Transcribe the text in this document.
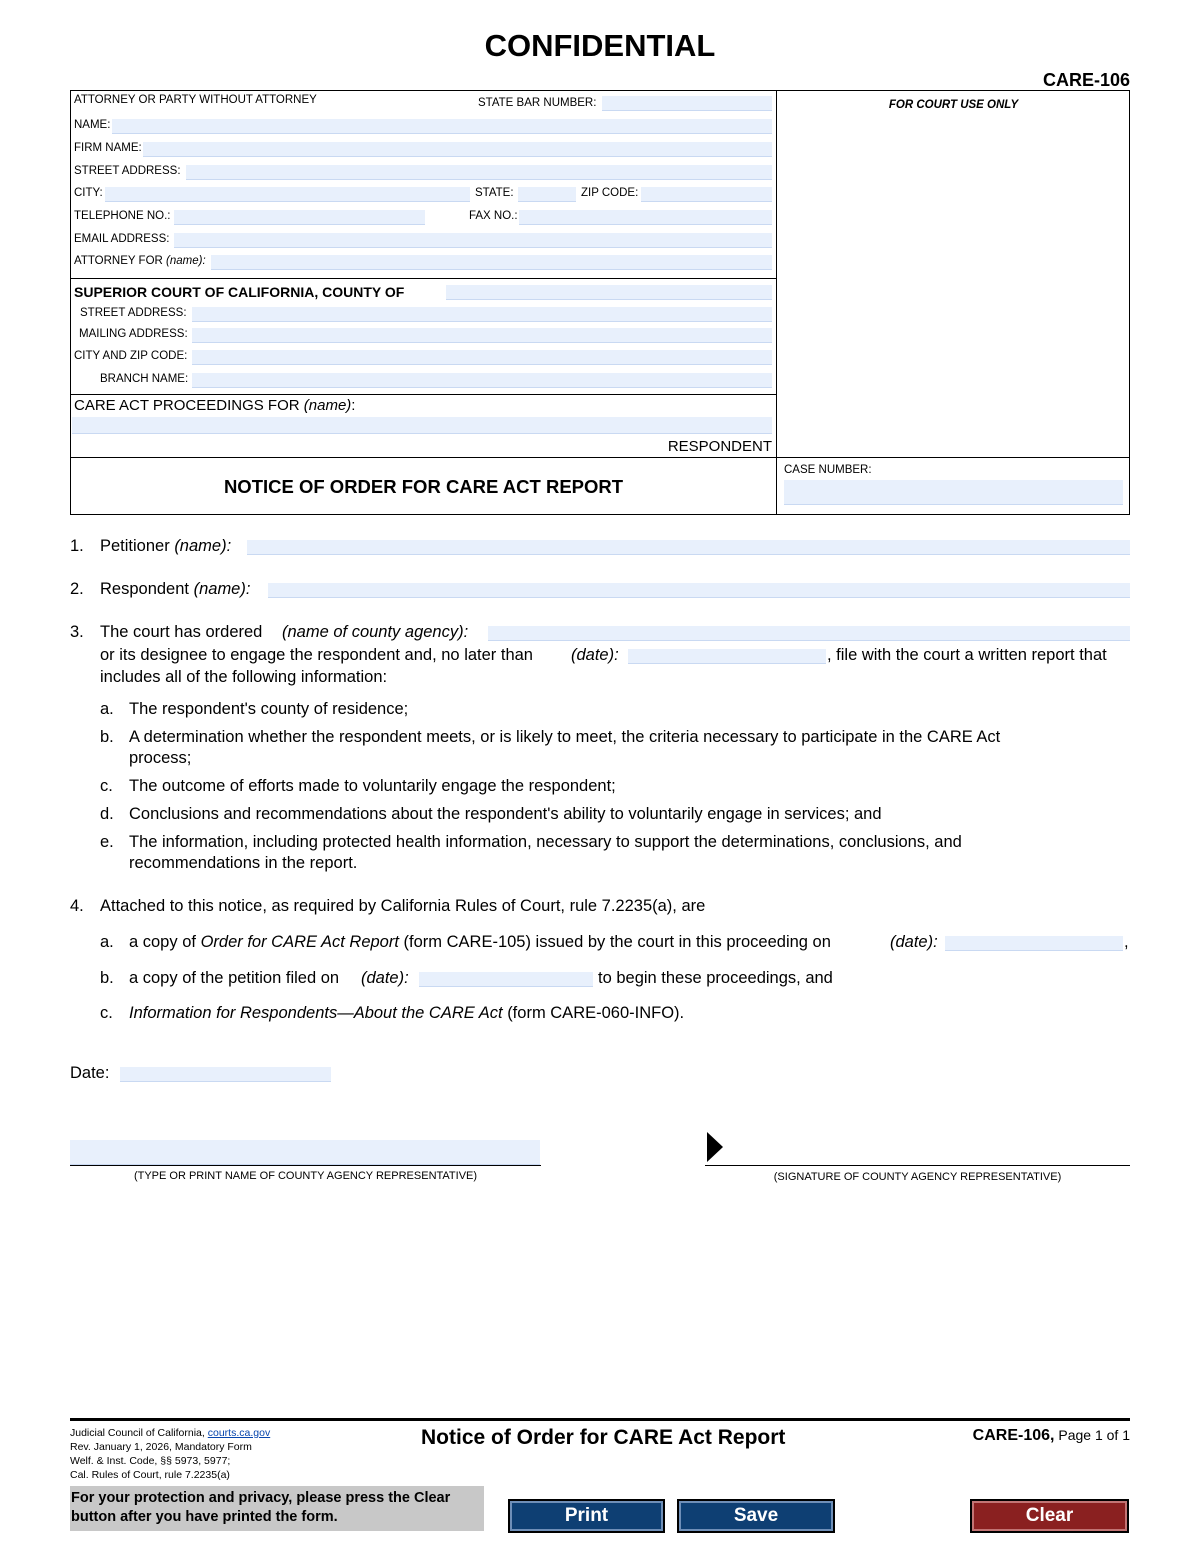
CONFIDENTIAL
CARE-106
ATTORNEY OR PARTY WITHOUT ATTORNEY	STATE BAR NUMBER:
NAME:
FIRM NAME:
STREET ADDRESS:
CITY:	STATE:	ZIP CODE:
TELEPHONE NO.:	FAX NO.:
EMAIL ADDRESS:
ATTORNEY FOR (name):
SUPERIOR COURT OF CALIFORNIA, COUNTY OF
STREET ADDRESS:
MAILING ADDRESS:
CITY AND ZIP CODE:
BRANCH NAME:
CARE ACT PROCEEDINGS FOR (name):
RESPONDENT
FOR COURT USE ONLY
NOTICE OF ORDER FOR CARE ACT REPORT
CASE NUMBER:
1. Petitioner (name):
2. Respondent (name):
3. The court has ordered (name of county agency):
or its designee to engage the respondent and, no later than (date):	, file with the court a written report that
includes all of the following information:
a. The respondent's county of residence;
b. A determination whether the respondent meets, or is likely to meet, the criteria necessary to participate in the CARE Act
process;
c. The outcome of efforts made to voluntarily engage the respondent;
d. Conclusions and recommendations about the respondent's ability to voluntarily engage in services; and
e. The information, including protected health information, necessary to support the determinations, conclusions, and
recommendations in the report.
4. Attached to this notice, as required by California Rules of Court, rule 7.2235(a), are
a. a copy of Order for CARE Act Report (form CARE-105) issued by the court in this proceeding on	(date):	,
b. a copy of the petition filed on (date):	to begin these proceedings, and
c. Information for Respondents—About the CARE Act (form CARE-060-INFO).
Date:
(TYPE OR PRINT NAME OF COUNTY AGENCY REPRESENTATIVE)	(SIGNATURE OF COUNTY AGENCY REPRESENTATIVE)
Judicial Council of California, courts.ca.gov
Rev. January 1, 2026, Mandatory Form
Welf. & Inst. Code, §§ 5973, 5977;
Cal. Rules of Court, rule 7.2235(a)
Notice of Order for CARE Act Report	CARE-106, Page 1 of 1
For your protection and privacy, please press the Clear
button after you have printed the form.	Print	Save	Clear
